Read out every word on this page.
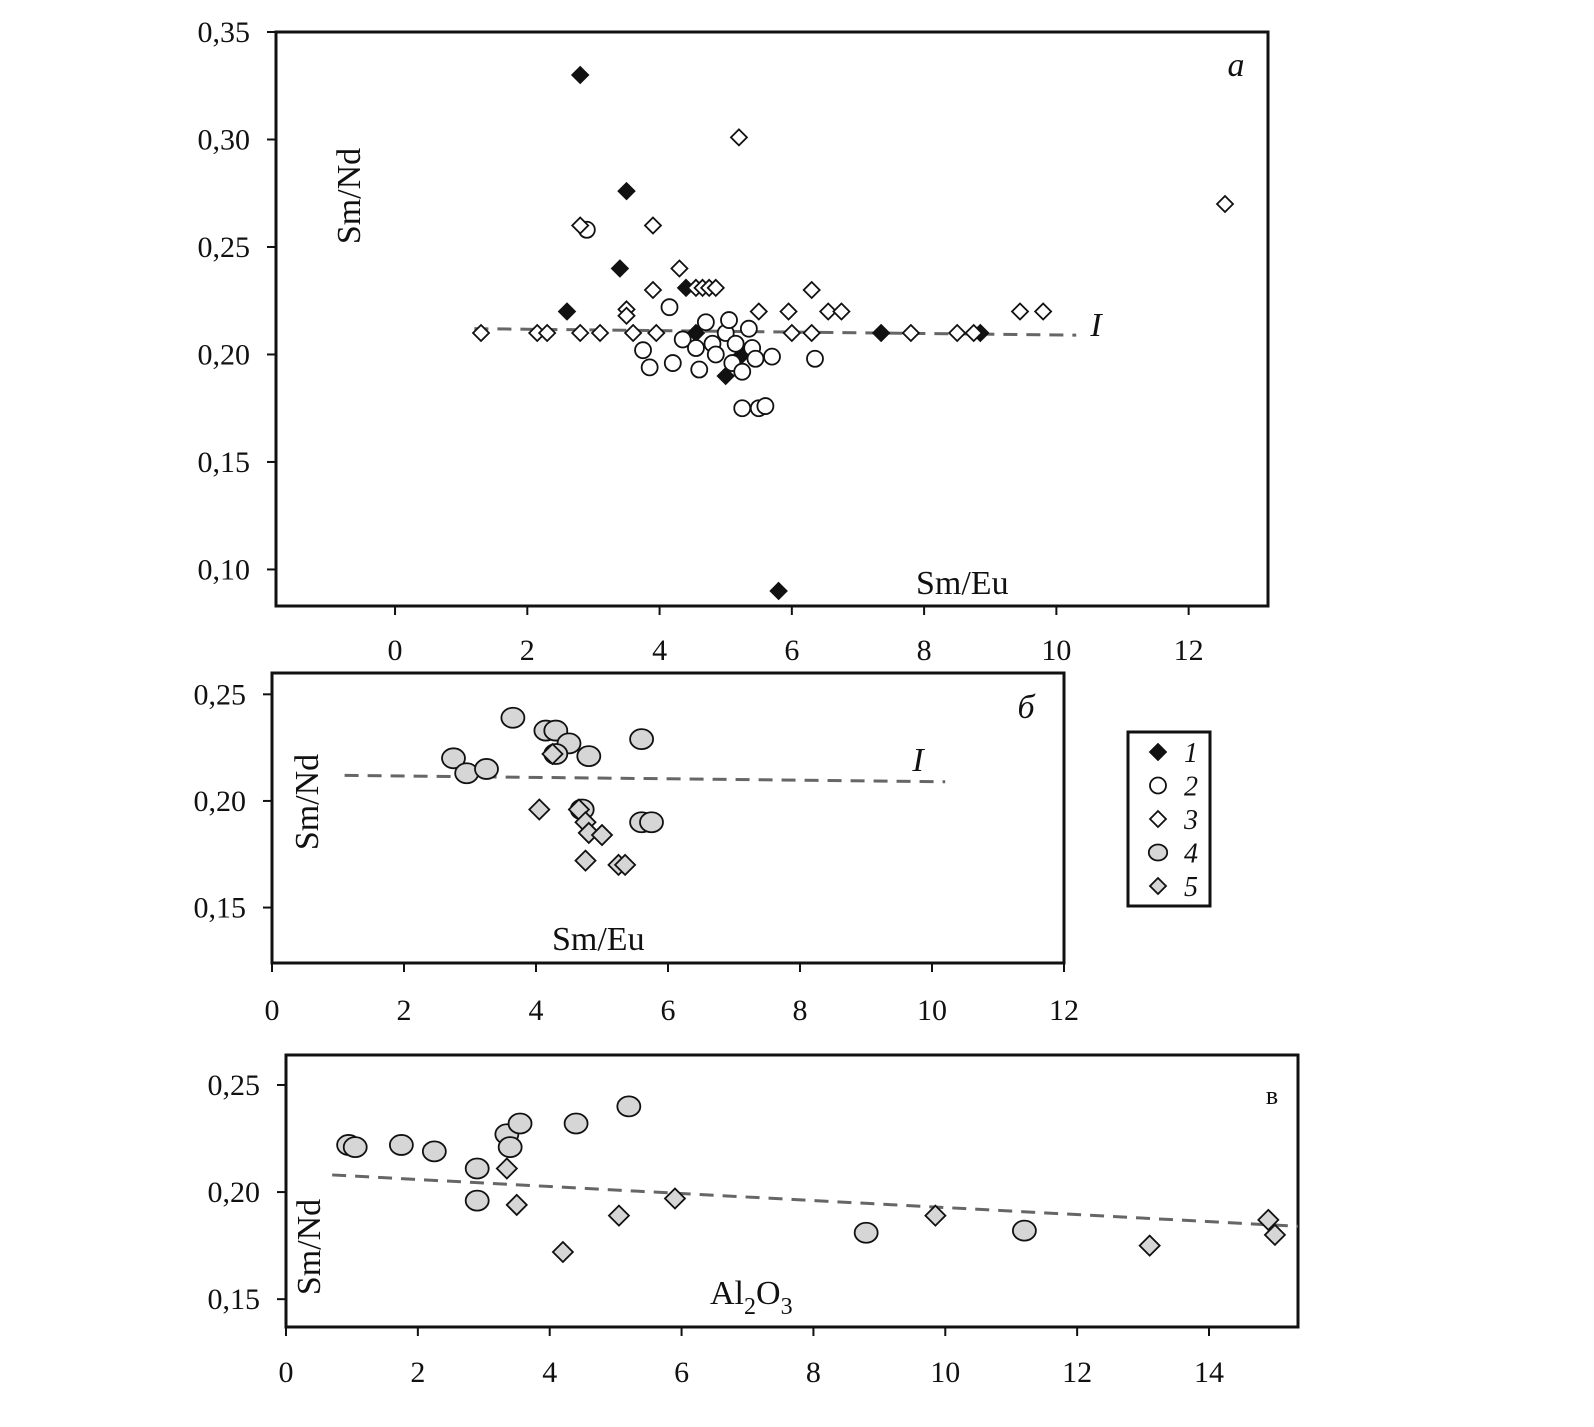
0	2	4	6	8	10	12
0,10
0,15
0,20
0,25
0,30
0,35
a
I
Sm/Eu
Sm/Nd
0	2	4	6	8	10	12
0,15
0,20
0,25	б
I
Sm/Eu
Sm/Nd
0	2	4	6	8	10	12	14
0,15
0,20
0,25	в
$Al_2O_3$
Sm/Nd
1
2
3
4
5
